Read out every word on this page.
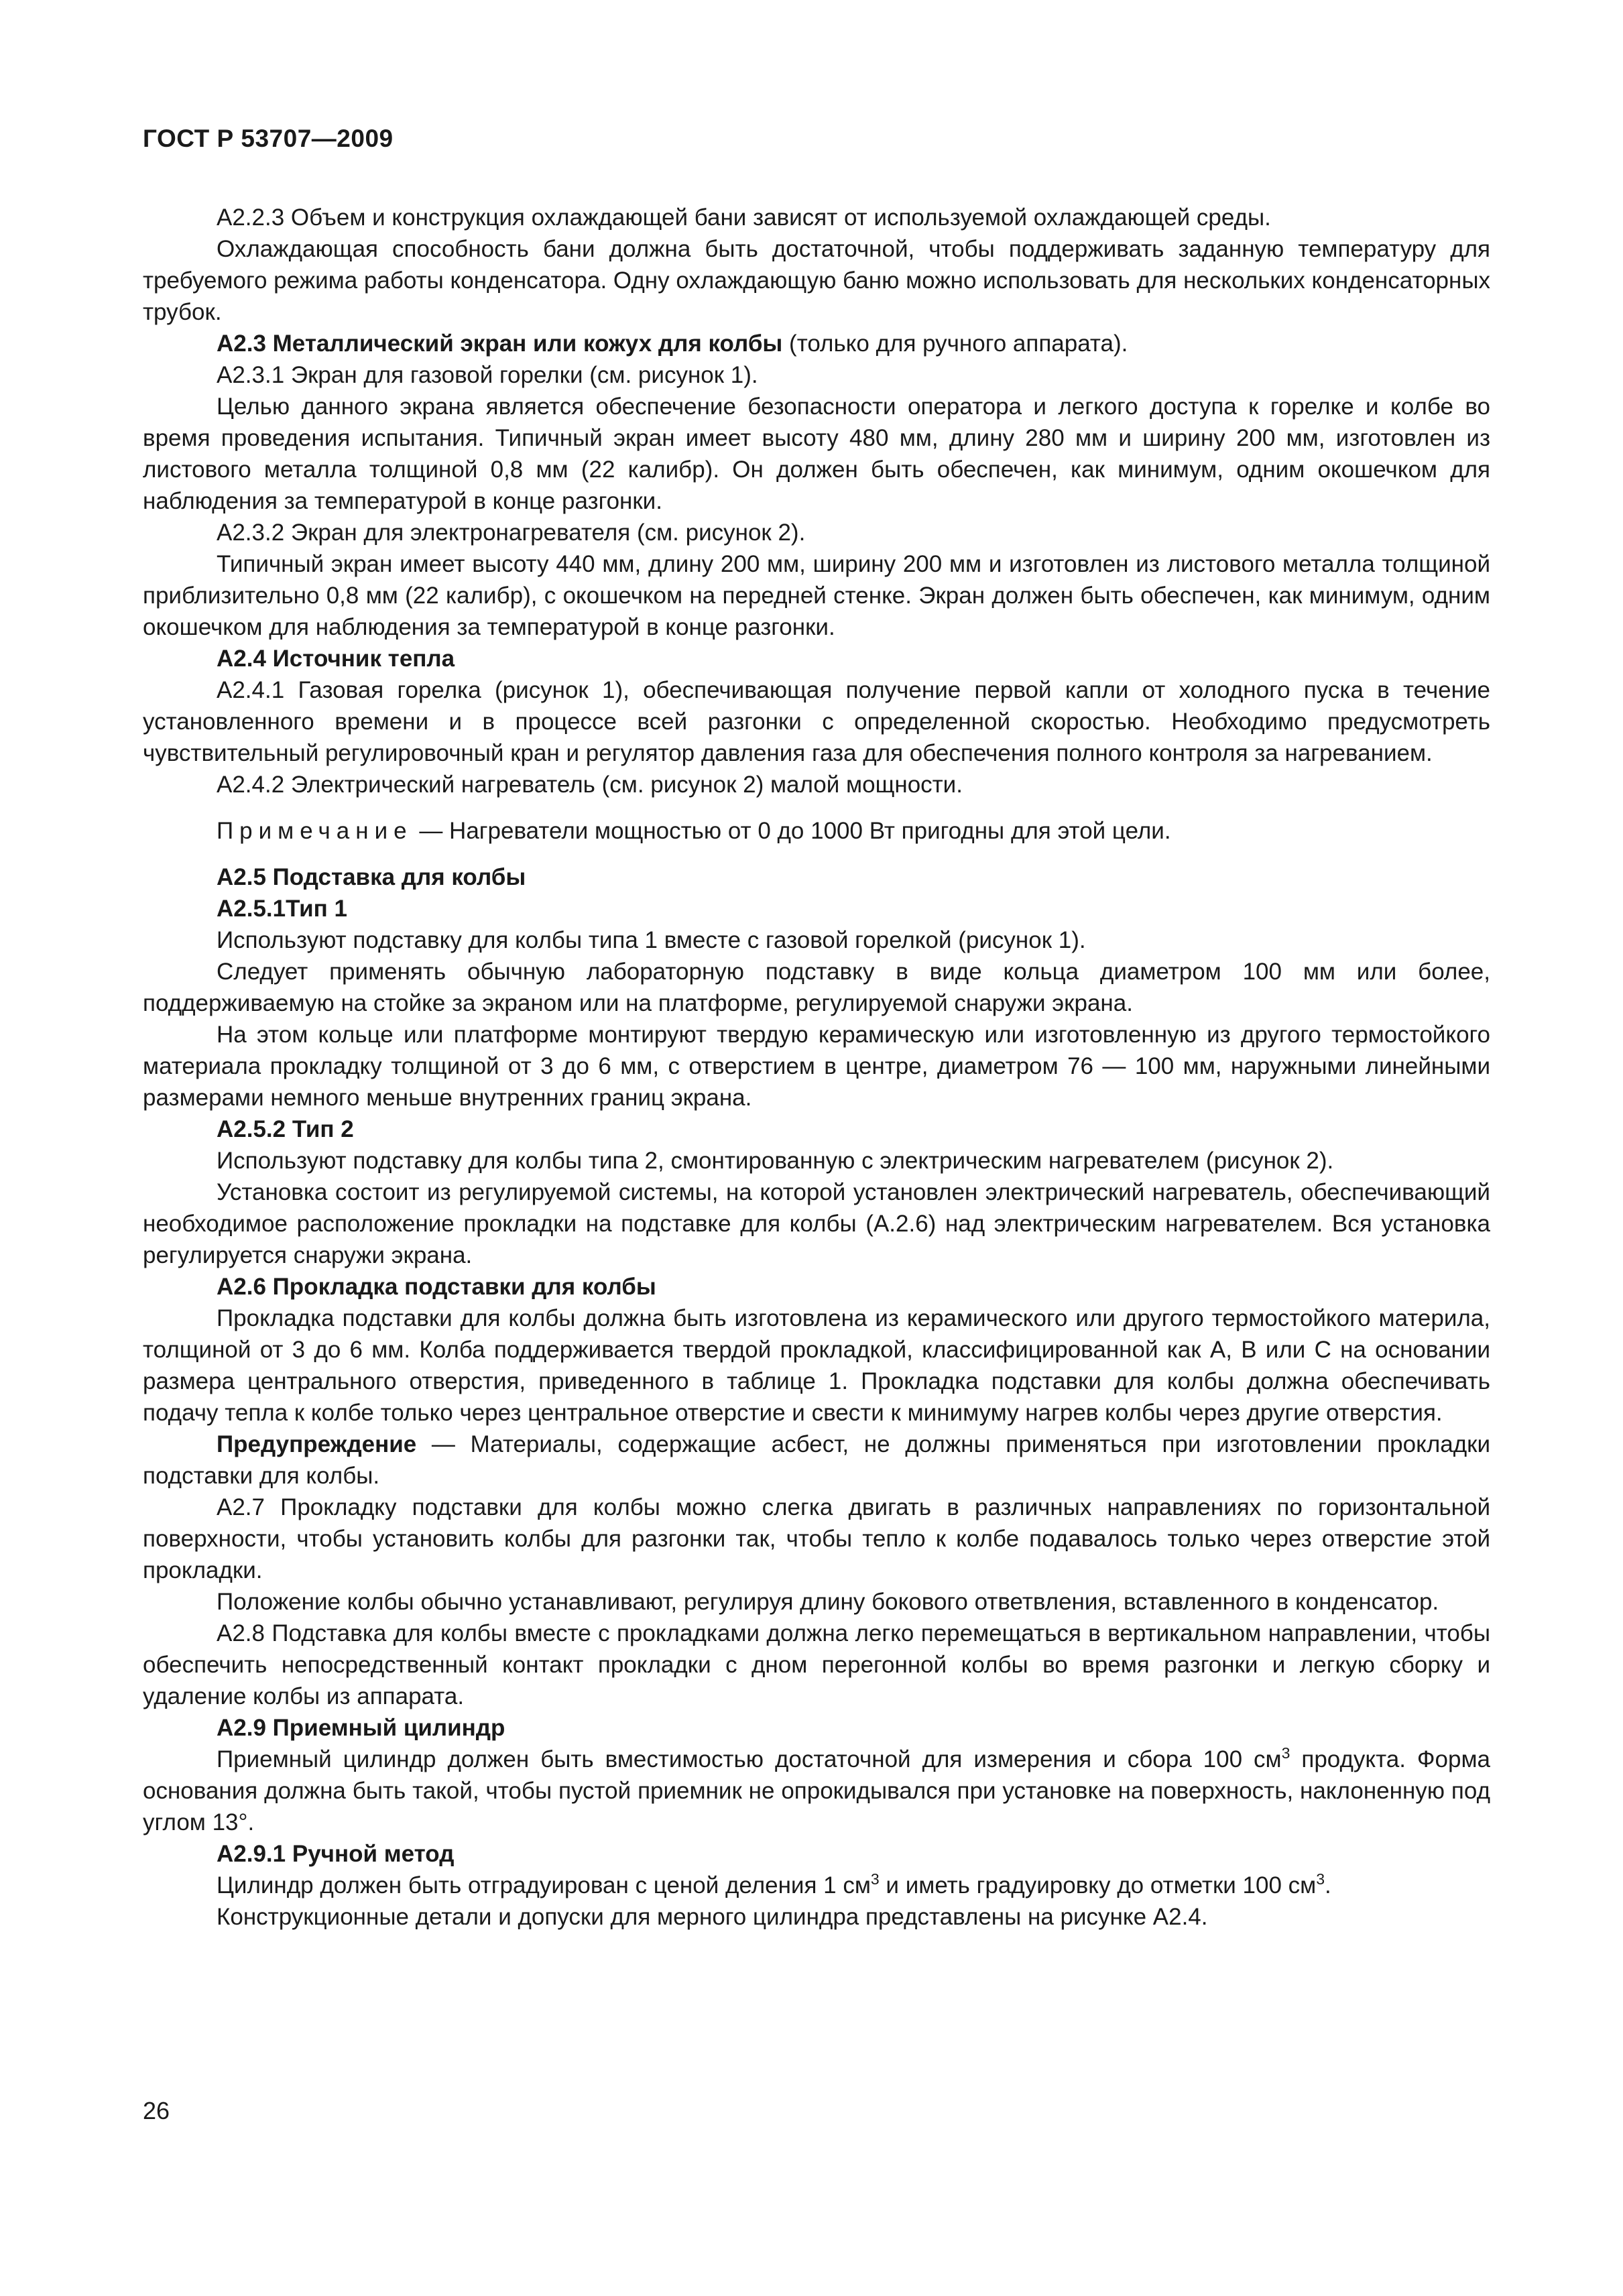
ГОСТ Р 53707—2009

А2.2.3 Объем и конструкция охлаждающей бани зависят от используемой охлаждающей среды.

Охлаждающая способность бани должна быть достаточной, чтобы поддерживать заданную температуру для требуемого режима работы конденсатора. Одну охлаждающую баню можно использовать для нескольких конденсаторных трубок.

А2.3 Металлический экран или кожух для колбы (только для ручного аппарата).

А2.3.1 Экран для газовой горелки (см. рисунок 1).

Целью данного экрана является обеспечение безопасности оператора и легкого доступа к горелке и колбе во время проведения испытания. Типичный экран имеет высоту 480 мм, длину 280 мм и ширину 200 мм, изготовлен из листового металла толщиной 0,8 мм (22 калибр). Он должен быть обеспечен, как минимум, одним окошечком для наблюдения за температурой в конце разгонки.

А2.3.2 Экран для электронагревателя (см. рисунок 2).

Типичный экран имеет высоту 440 мм, длину 200 мм, ширину 200 мм и изготовлен из листового металла толщиной приблизительно 0,8 мм (22 калибр), с окошечком на передней стенке. Экран должен быть обеспечен, как минимум, одним окошечком для наблюдения за температурой в конце разгонки.

А2.4 Источник тепла

А2.4.1 Газовая горелка (рисунок 1), обеспечивающая получение первой капли от холодного пуска в течение установленного времени и в процессе всей разгонки с определенной скоростью. Необходимо предусмотреть чувствительный регулировочный кран и регулятор давления газа для обеспечения полного контроля за нагреванием.

А2.4.2 Электрический нагреватель (см. рисунок 2) малой мощности.

Примечание — Нагреватели мощностью от 0 до 1000 Вт пригодны для этой цели.

А2.5 Подставка для колбы

А2.5.1Тип 1

Используют подставку для колбы типа 1 вместе с газовой горелкой (рисунок 1).

Следует применять обычную лабораторную подставку в виде кольца диаметром 100 мм или более, поддерживаемую на стойке за экраном или на платформе, регулируемой снаружи экрана.

На этом кольце или платформе монтируют твердую керамическую или изготовленную из другого термостойкого материала прокладку толщиной от 3 до 6 мм, с отверстием в центре, диаметром 76 — 100 мм, наружными линейными размерами немного меньше внутренних границ экрана.

А2.5.2 Тип 2

Используют подставку для колбы типа 2, смонтированную с электрическим нагревателем (рисунок 2).

Установка состоит из регулируемой системы, на которой установлен электрический нагреватель, обеспечивающий необходимое расположение прокладки на подставке для колбы (А.2.6) над электрическим нагревателем. Вся установка регулируется снаружи экрана.

А2.6 Прокладка подставки для колбы

Прокладка подставки для колбы должна быть изготовлена из керамического или другого термостойкого материла, толщиной от 3 до 6 мм. Колба поддерживается твердой прокладкой, классифицированной как А, В или С на основании размера центрального отверстия, приведенного в таблице 1. Прокладка подставки для колбы должна обеспечивать подачу тепла к колбе только через центральное отверстие и свести к минимуму нагрев колбы через другие отверстия.

Предупреждение — Материалы, содержащие асбест, не должны применяться при изготовлении прокладки подставки для колбы.

А2.7 Прокладку подставки для колбы можно слегка двигать в различных направлениях по горизонтальной поверхности, чтобы установить колбы для разгонки так, чтобы тепло к колбе подавалось только через отверстие этой прокладки.

Положение колбы обычно устанавливают, регулируя длину бокового ответвления, вставленного в конденсатор.

А2.8 Подставка для колбы вместе с прокладками должна легко перемещаться в вертикальном направлении, чтобы обеспечить непосредственный контакт прокладки с дном перегонной колбы во время разгонки и легкую сборку и удаление колбы из аппарата.

А2.9 Приемный цилиндр

Приемный цилиндр должен быть вместимостью достаточной для измерения и сбора 100 $см^3$ продукта. Форма основания должна быть такой, чтобы пустой приемник не опрокидывался при установке на поверхность, наклоненную под углом 13°.

А2.9.1 Ручной метод

Цилиндр должен быть отградуирован с ценой деления 1 $см^3$ и иметь градуировку до отметки 100 $см^3$.

Конструкционные детали и допуски для мерного цилиндра представлены на рисунке А2.4.

26
